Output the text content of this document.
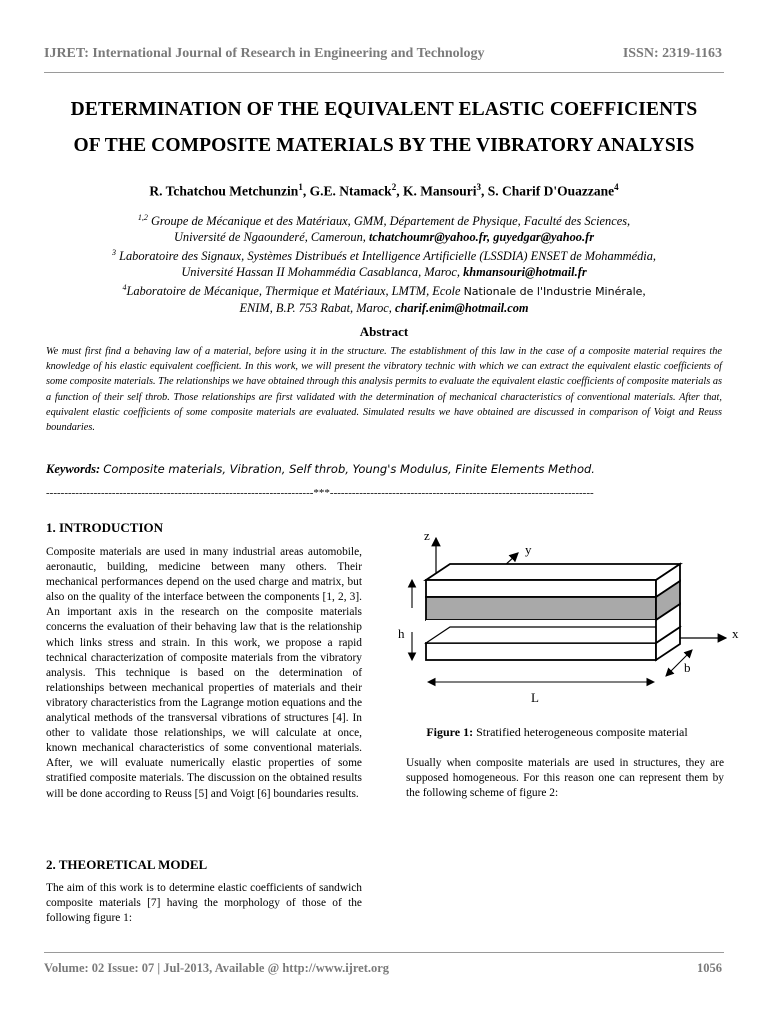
IJRET: International Journal of Research in Engineering and Technology	ISSN: 2319-1163
DETERMINATION OF THE EQUIVALENT ELASTIC COEFFICIENTS
OF THE COMPOSITE MATERIALS BY THE VIBRATORY ANALYSIS
R. Tchatchou Metchunzin$^1$, G.E. Ntamack$^2$, K. Mansouri$^3$, S. Charif D'Ouazzane$^4$
$^{1,2}$ Groupe de Mécanique et des Matériaux, GMM, Département de Physique, Faculté des Sciences,
Université de Ngaounderé, Cameroun, tchatchoumr@yahoo.fr, guyedgar@yahoo.fr
$^3$ Laboratoire des Signaux, Systèmes Distribués et Intelligence Artificielle (LSSDIA) ENSET de Mohammédia,
Université Hassan II Mohammédia Casablanca, Maroc, khmansouri@hotmail.fr
$^4$Laboratoire de Mécanique, Thermique et Matériaux, LMTM, Ecole Nationale de l'Industrie Minérale,
ENIM, B.P. 753 Rabat, Maroc, charif.enim@hotmail.com
Abstract
We must first find a behaving law of a material, before using it in the structure. The establishment of this law in the case of a composite material requires the knowledge of his elastic equivalent coefficient. In this work, we will present the vibratory technic with which we can extract the equivalent elastic coefficients of some composite materials. The relationships we have obtained through this analysis permits to evaluate the equivalent elastic coefficients of composite materials as a function of their self throb. Those relationships are first validated with the determination of mechanical characteristics of conventional materials. After that, equivalent elastic coefficients of some composite materials are evaluated. Simulated results we have obtained are discussed in comparison of Voigt and Reuss boundaries.
Keywords: Composite materials, Vibration, Self throb, Young's Modulus, Finite Elements Method.
-------------------------------------------------------------------------***------------------------------------------------------------------------
1. INTRODUCTION
Composite materials are used in many industrial areas automobile, aeronautic, building, medicine between many others. Their mechanical performances depend on the used charge and matrix, but also on the quality of the interface between the components [1, 2, 3]. An important axis in the research on the composite materials concerns the evaluation of their behaving law that is the relationship which links stress and strain. In this work, we propose a rapid technical characterization of composite materials from the vibratory analysis. This technique is based on the determination of relationships between mechanical properties of materials and their vibratory characteristics from the Lagrange motion equations and the analytical methods of the transversal vibrations of structures [4]. In other to validate those relationships, we will calculate at once, known mechanical characteristics of some conventional materials. After, we will evaluate numerically elastic properties of some stratified composite materials. The discussion on the obtained results will be done according to Reuss [5] and Voigt [6] boundaries results.
2. THEORETICAL MODEL
The aim of this work is to determine elastic coefficients of sandwich composite materials [7] having the morphology of those of the following figure 1:
z
y
x
h
b
L
Figure 1: Stratified heterogeneous composite material
Usually when composite materials are used in structures, they are supposed homogeneous. For this reason one can represent them by the following scheme of figure 2:
Volume: 02 Issue: 07 | Jul-2013, Available @ http://www.ijret.org	1056
